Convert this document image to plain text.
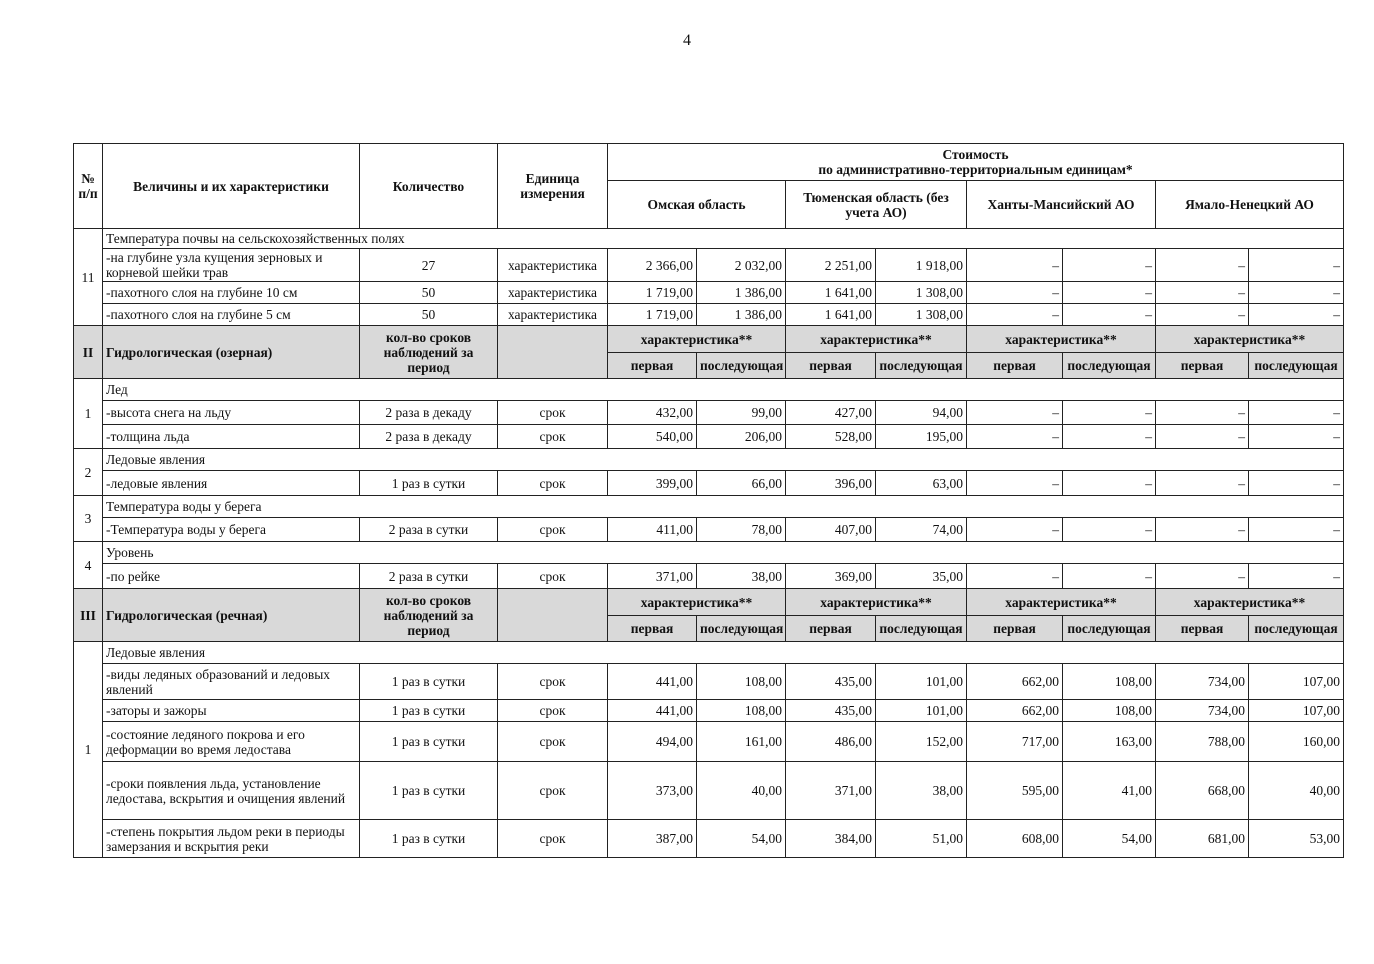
4
№ п/п	Величины и их характеристики	Количество	Единица измерения	Стоимость
по административно-территориальным единицам*							

				Омская область		Тюменская область (без учета АО)		Ханты-Мансийский АО		Ямало-Ненецкий АО	
11	Температура почвы на сельскохозяйственных полях										
	-на глубине узла кущения зерновых и корневой шейки трав	27	характеристика	2 366,00	2 032,00	2 251,00	1 918,00	–	–	–	–
	-пахотного слоя на глубине 10 см	50	характеристика	1 719,00	1 386,00	1 641,00	1 308,00	–	–	–	–
	-пахотного слоя на глубине 5 см	50	характеристика	1 719,00	1 386,00	1 641,00	1 308,00	–	–	–	–
II	Гидрологическая (озерная)	кол-во сроков наблюдений за период		характеристика**		характеристика**		характеристика**		характеристика**	
				первая	последующая	первая	последующая	первая	последующая	первая	последующая
1	Лед										
	-высота снега на льду	2 раза в декаду	срок	432,00	99,00	427,00	94,00	–	–	–	–
	-толщина льда	2 раза в декаду	срок	540,00	206,00	528,00	195,00	–	–	–	–
2	Ледовые явления										
	-ледовые явления	1 раз в сутки	срок	399,00	66,00	396,00	63,00	–	–	–	–
3	Температура воды у берега										
	-Температура воды у берега	2 раза в сутки	срок	411,00	78,00	407,00	74,00	–	–	–	–
4	Уровень										
	-по рейке	2 раза в сутки	срок	371,00	38,00	369,00	35,00	–	–	–	–
III	Гидрологическая (речная)	кол-во сроков наблюдений за период		характеристика**		характеристика**		характеристика**		характеристика**	
				первая	последующая	первая	последующая	первая	последующая	первая	последующая
1	Ледовые явления										
	-виды ледяных образований и ледовых явлений	1 раз в сутки	срок	441,00	108,00	435,00	101,00	662,00	108,00	734,00	107,00
	-заторы и зажоры	1 раз в сутки	срок	441,00	108,00	435,00	101,00	662,00	108,00	734,00	107,00
	-состояние ледяного покрова и его деформации во время ледостава	1 раз в сутки	срок	494,00	161,00	486,00	152,00	717,00	163,00	788,00	160,00
	-сроки появления льда, установление ледостава, вскрытия и очищения явлений	1 раз в сутки	срок	373,00	40,00	371,00	38,00	595,00	41,00	668,00	40,00
	-степень покрытия льдом реки в периоды замерзания и вскрытия реки	1 раз в сутки	срок	387,00	54,00	384,00	51,00	608,00	54,00	681,00	53,00
